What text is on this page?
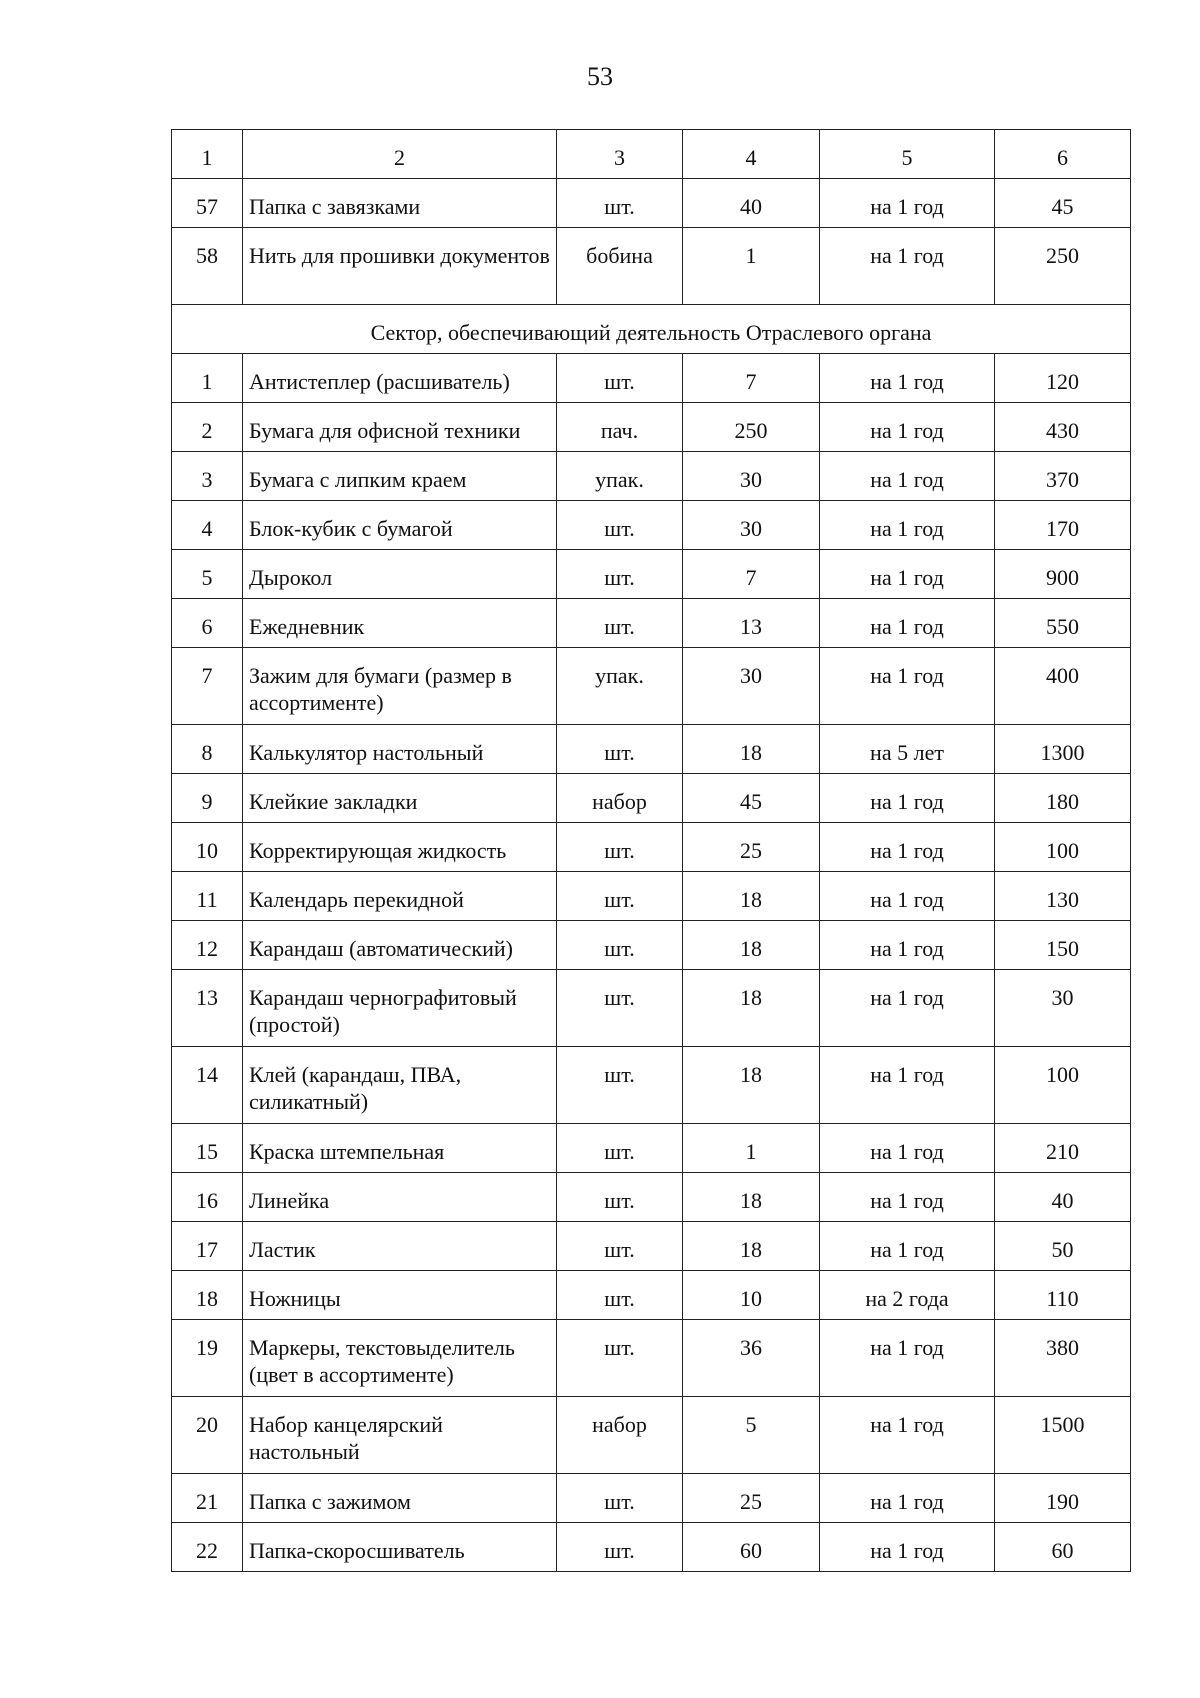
53
1	2	3	4	5	6
57	Папка с завязками	шт.	40	на 1 год	45
58	Нить для прошивки документов	бобина	1	на 1 год	250
Сектор, обеспечивающий деятельность Отраслевого органа					
1	Антистеплер (расшиватель)	шт.	7	на 1 год	120
2	Бумага для офисной техники	пач.	250	на 1 год	430
3	Бумага с липким краем	упак.	30	на 1 год	370
4	Блок-кубик с бумагой	шт.	30	на 1 год	170
5	Дырокол	шт.	7	на 1 год	900
6	Ежедневник	шт.	13	на 1 год	550
7	Зажим для бумаги (размер в ассортименте)	упак.	30	на 1 год	400
8	Калькулятор настольный	шт.	18	на 5 лет	1300
9	Клейкие закладки	набор	45	на 1 год	180
10	Корректирующая жидкость	шт.	25	на 1 год	100
11	Календарь перекидной	шт.	18	на 1 год	130
12	Карандаш (автоматический)	шт.	18	на 1 год	150
13	Карандаш чернографитовый (простой)	шт.	18	на 1 год	30
14	Клей (карандаш, ПВА, силикатный)	шт.	18	на 1 год	100
15	Краска штемпельная	шт.	1	на 1 год	210
16	Линейка	шт.	18	на 1 год	40
17	Ластик	шт.	18	на 1 год	50
18	Ножницы	шт.	10	на 2 года	110
19	Маркеры, текстовыделитель (цвет в ассортименте)	шт.	36	на 1 год	380
20	Набор канцелярский настольный	набор	5	на 1 год	1500
21	Папка с зажимом	шт.	25	на 1 год	190
22	Папка-скоросшиватель	шт.	60	на 1 год	60
